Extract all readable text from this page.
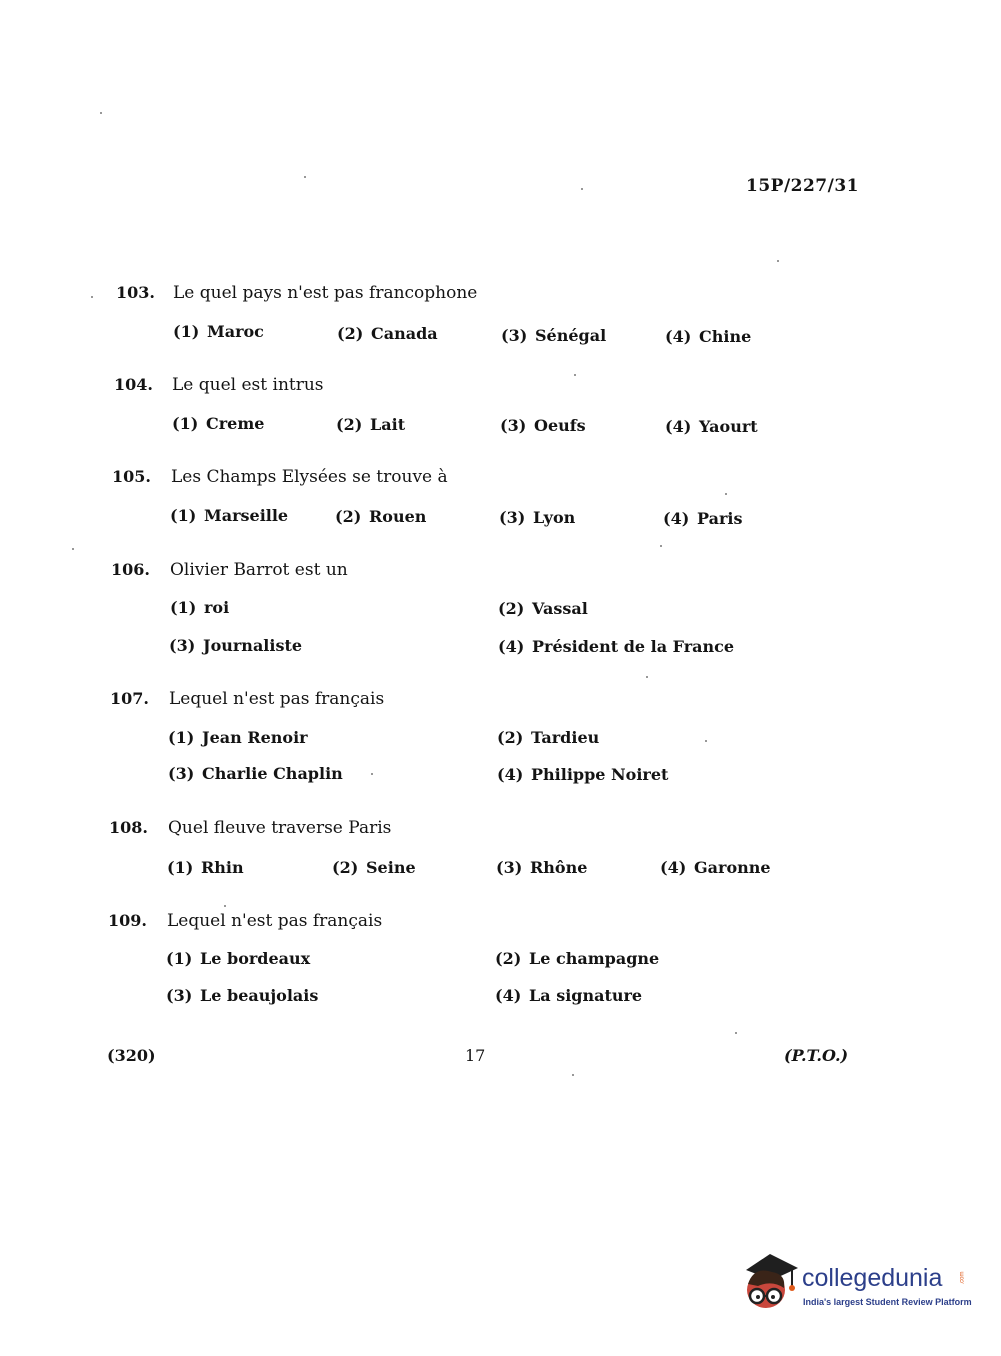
15P/227/31
103. Le quel pays n'est pas francophone
(1) Maroc	(2) Canada	(3) Sénégal	(4) Chine
104. Le quel est intrus
(1) Creme	(2) Lait	(3) Oeufs	(4) Yaourt
105. Les Champs Elysées se trouve à
(1) Marseille	(2) Rouen	(3) Lyon	(4) Paris
106. Olivier Barrot est un
(1) roi	(2) Vassal
(3) Journaliste	(4) Président de la France
107. Lequel n'est pas français
(1) Jean Renoir	(2) Tardieu
(3) Charlie Chaplin	(4) Philippe Noiret
108. Quel fleuve traverse Paris
(1) Rhin	(2) Seine	(3) Rhône	(4) Garonne
109. Lequel n'est pas français
(1) Le bordeaux	(2) Le champagne
(3) Le beaujolais	(4) La signature
(320)	17	(P.T.O.)
collegedunia	.com
India's largest Student Review Platform
